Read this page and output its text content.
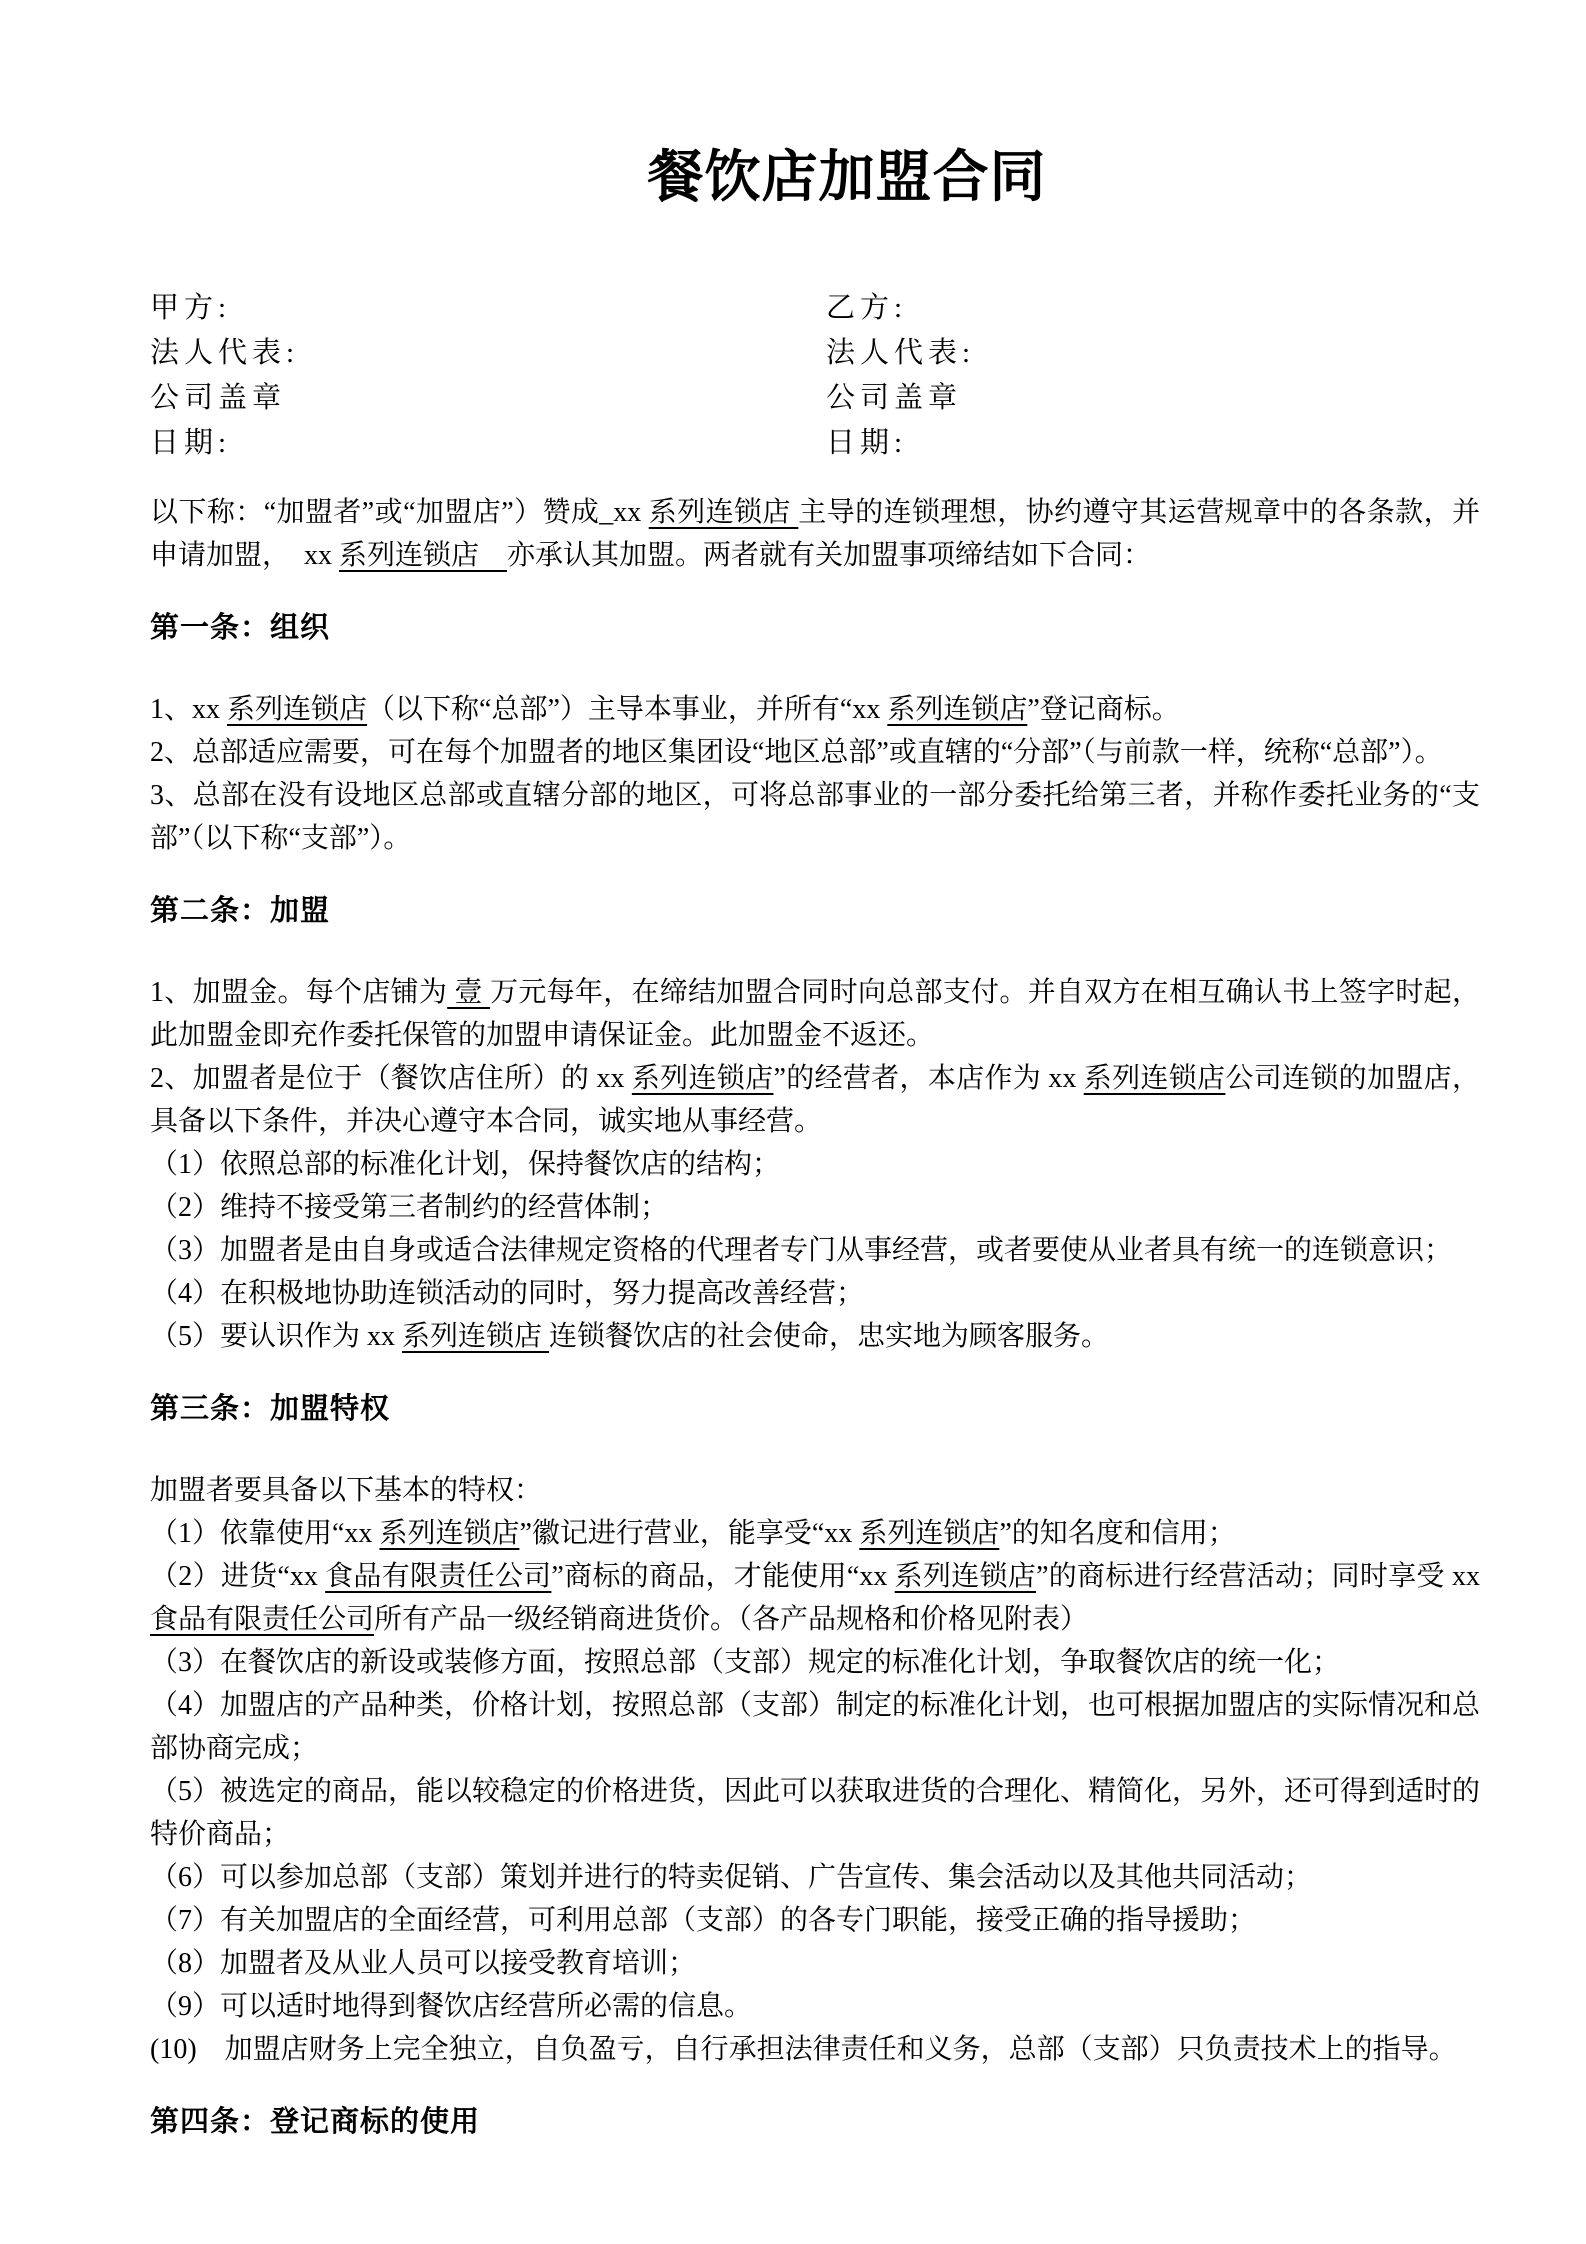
餐饮店加盟合同
甲方:
法人代表:
公司盖章
日期:
乙方:
法人代表:
公司盖章
日期:

以下称：“加盟者”或“加盟店”）赞成_xx 系列连锁店 主导的连锁理想，协约遵守其运营规章中的各条款，并申请加盟，　xx 系列连锁店　亦承认其加盟。两者就有关加盟事项缔结如下合同：

第一条：组织

1、xx 系列连锁店（以下称“总部”）主导本事业，并所有“xx 系列连锁店”登记商标。

2、总部适应需要，可在每个加盟者的地区集团设“地区总部”或直辖的“分部”（与前款一样，统称“总部”）。

3、总部在没有设地区总部或直辖分部的地区，可将总部事业的一部分委托给第三者，并称作委托业务的“支部”（以下称“支部”）。

第二条：加盟

1、加盟金。每个店铺为 壹 万元每年，在缔结加盟合同时向总部支付。并自双方在相互确认书上签字时起，此加盟金即充作委托保管的加盟申请保证金。此加盟金不返还。

2、加盟者是位于（餐饮店住所）的 xx 系列连锁店”的经营者，本店作为 xx 系列连锁店公司连锁的加盟店，具备以下条件，并决心遵守本合同，诚实地从事经营。

（1）依照总部的标准化计划，保持餐饮店的结构；

（2）维持不接受第三者制约的经营体制；

（3）加盟者是由自身或适合法律规定资格的代理者专门从事经营，或者要使从业者具有统一的连锁意识；

（4）在积极地协助连锁活动的同时，努力提高改善经营；

（5）要认识作为 xx 系列连锁店 连锁餐饮店的社会使命，忠实地为顾客服务。

第三条：加盟特权

加盟者要具备以下基本的特权：

（1）依靠使用“xx 系列连锁店”徽记进行营业，能享受“xx 系列连锁店”的知名度和信用；

（2）进货“xx 食品有限责任公司”商标的商品，才能使用“xx 系列连锁店”的商标进行经营活动；同时享受 xx 食品有限责任公司所有产品一级经销商进货价。（各产品规格和价格见附表）

（3）在餐饮店的新设或装修方面，按照总部（支部）规定的标准化计划，争取餐饮店的统一化；

（4）加盟店的产品种类，价格计划，按照总部（支部）制定的标准化计划，也可根据加盟店的实际情况和总部协商完成；

（5）被选定的商品，能以较稳定的价格进货，因此可以获取进货的合理化、精简化，另外，还可得到适时的特价商品；

（6）可以参加总部（支部）策划并进行的特卖促销、广告宣传、集会活动以及其他共同活动；

（7）有关加盟店的全面经营，可利用总部（支部）的各专门职能，接受正确的指导援助；

（8）加盟者及从业人员可以接受教育培训；

（9）可以适时地得到餐饮店经营所必需的信息。

(10)　加盟店财务上完全独立，自负盈亏，自行承担法律责任和义务，总部（支部）只负责技术上的指导。

第四条：登记商标的使用
